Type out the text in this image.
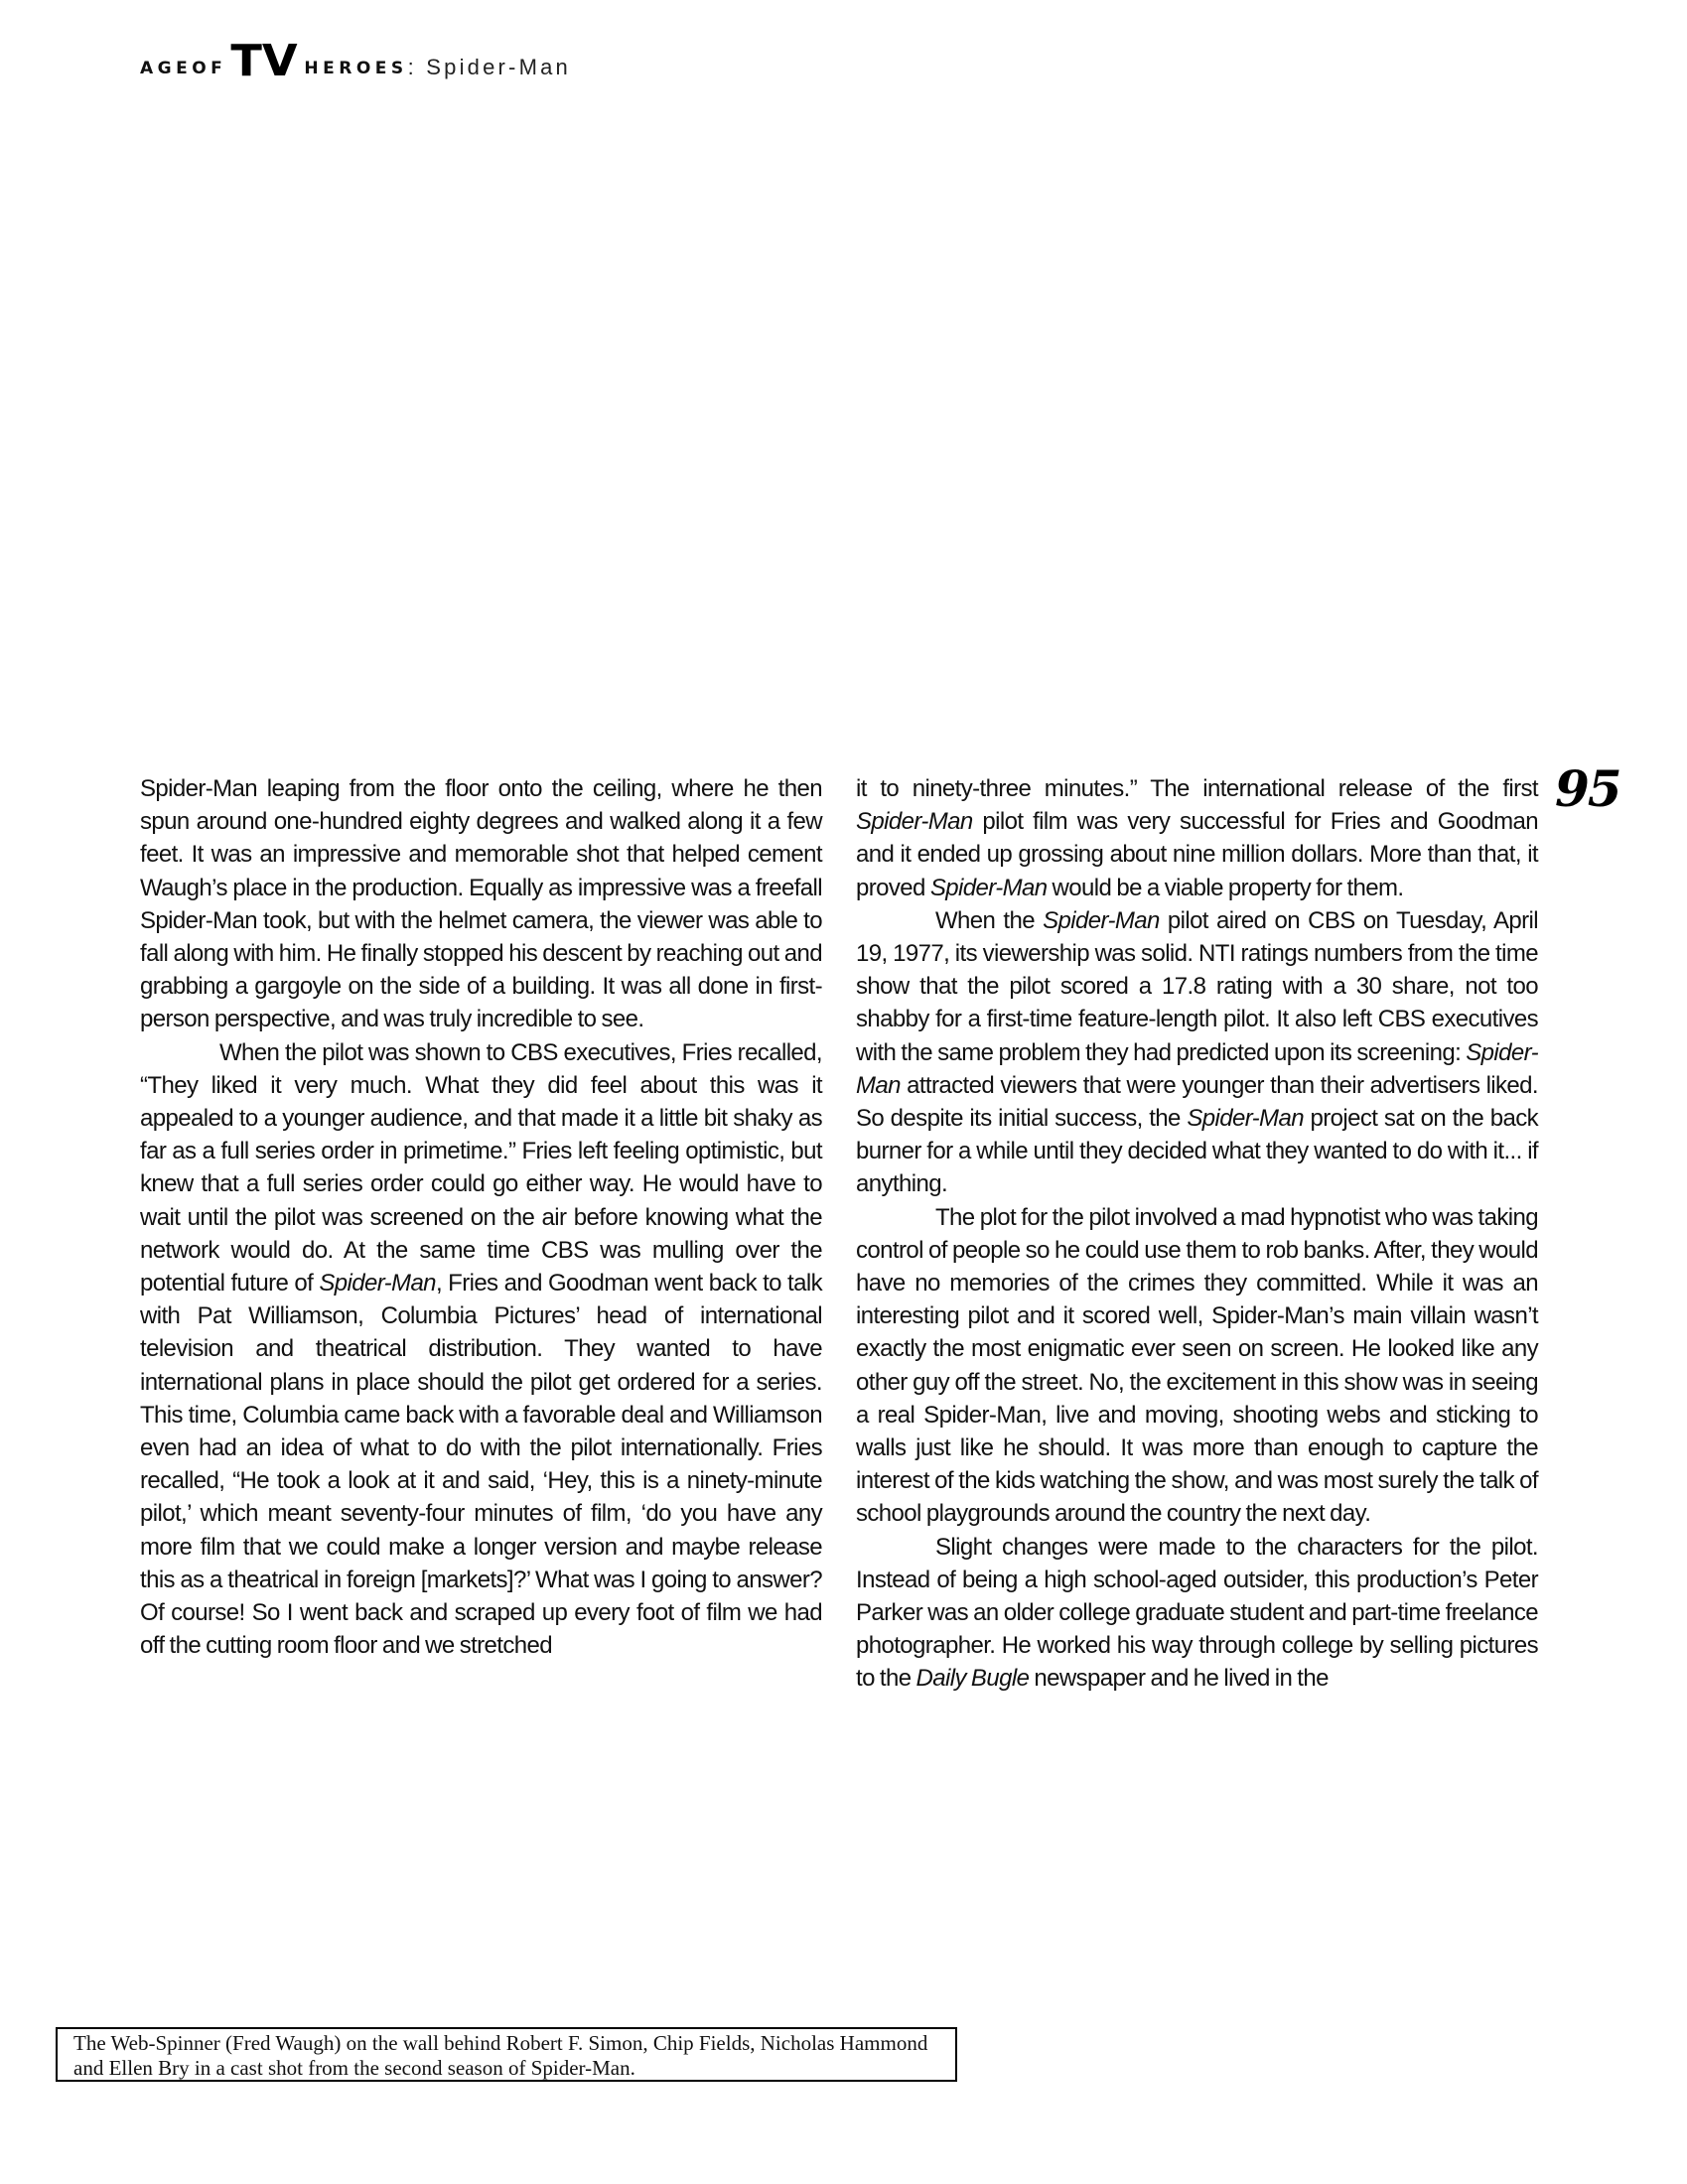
AGE OF TV HEROES : Spider-Man

Spider-Man leaping from the floor onto the ceiling, where he then spun around one-hundred eighty degrees and walked along it a few feet. It was an impressive and memorable shot that helped cement Waugh’s place in the production. Equally as impressive was a freefall Spider-Man took, but with the helmet camera, the viewer was able to fall along with him. He finally stopped his descent by reaching out and grabbing a gargoyle on the side of a building. It was all done in first-person perspective, and was truly incredible to see.

When the pilot was shown to CBS executives, Fries recalled, “They liked it very much. What they did feel about this was it appealed to a younger audience, and that made it a little bit shaky as far as a full series order in primetime.” Fries left feeling optimistic, but knew that a full series order could go either way. He would have to wait until the pilot was screened on the air before knowing what the network would do. At the same time CBS was mulling over the potential future of Spider-Man, Fries and Goodman went back to talk with Pat Williamson, Columbia Pictures’ head of international television and theatrical distribution. They wanted to have international plans in place should the pilot get ordered for a series. This time, Columbia came back with a favorable deal and Williamson even had an idea of what to do with the pilot internationally. Fries recalled, “He took a look at it and said, ‘Hey, this is a ninety-minute pilot,’ which meant seventy-four minutes of film, ‘do you have any more film that we could make a longer version and maybe release this as a theatrical in foreign [markets]?’ What was I going to answer? Of course! So I went back and scraped up every foot of film we had off the cutting room floor and we stretched

95

it to ninety-three minutes.” The international release of the first Spider-Man pilot film was very successful for Fries and Goodman and it ended up grossing about nine million dollars. More than that, it proved Spider-Man would be a viable property for them.

When the Spider-Man pilot aired on CBS on Tuesday, April 19, 1977, its viewership was solid. NTI ratings numbers from the time show that the pilot scored a 17.8 rating with a 30 share, not too shabby for a first-time feature-length pilot. It also left CBS executives with the same problem they had predicted upon its screening: Spider-Man attracted viewers that were younger than their advertisers liked. So despite its initial success, the Spider-Man project sat on the back burner for a while until they decided what they wanted to do with it... if anything.

The plot for the pilot involved a mad hypnotist who was taking control of people so he could use them to rob banks. After, they would have no memories of the crimes they committed. While it was an interesting pilot and it scored well, Spider-Man’s main villain wasn’t exactly the most enigmatic ever seen on screen. He looked like any other guy off the street. No, the excitement in this show was in seeing a real Spider-Man, live and moving, shooting webs and sticking to walls just like he should. It was more than enough to capture the interest of the kids watching the show, and was most surely the talk of school playgrounds around the country the next day.

Slight changes were made to the characters for the pilot. Instead of being a high school-aged outsider, this production’s Peter Parker was an older college graduate student and part-time freelance photographer. He worked his way through college by selling pictures to the Daily Bugle newspaper and he lived in the

The Web-Spinner (Fred Waugh) on the wall behind Robert F. Simon, Chip Fields, Nicholas Hammond and Ellen Bry in a cast shot from the second season of Spider-Man.
